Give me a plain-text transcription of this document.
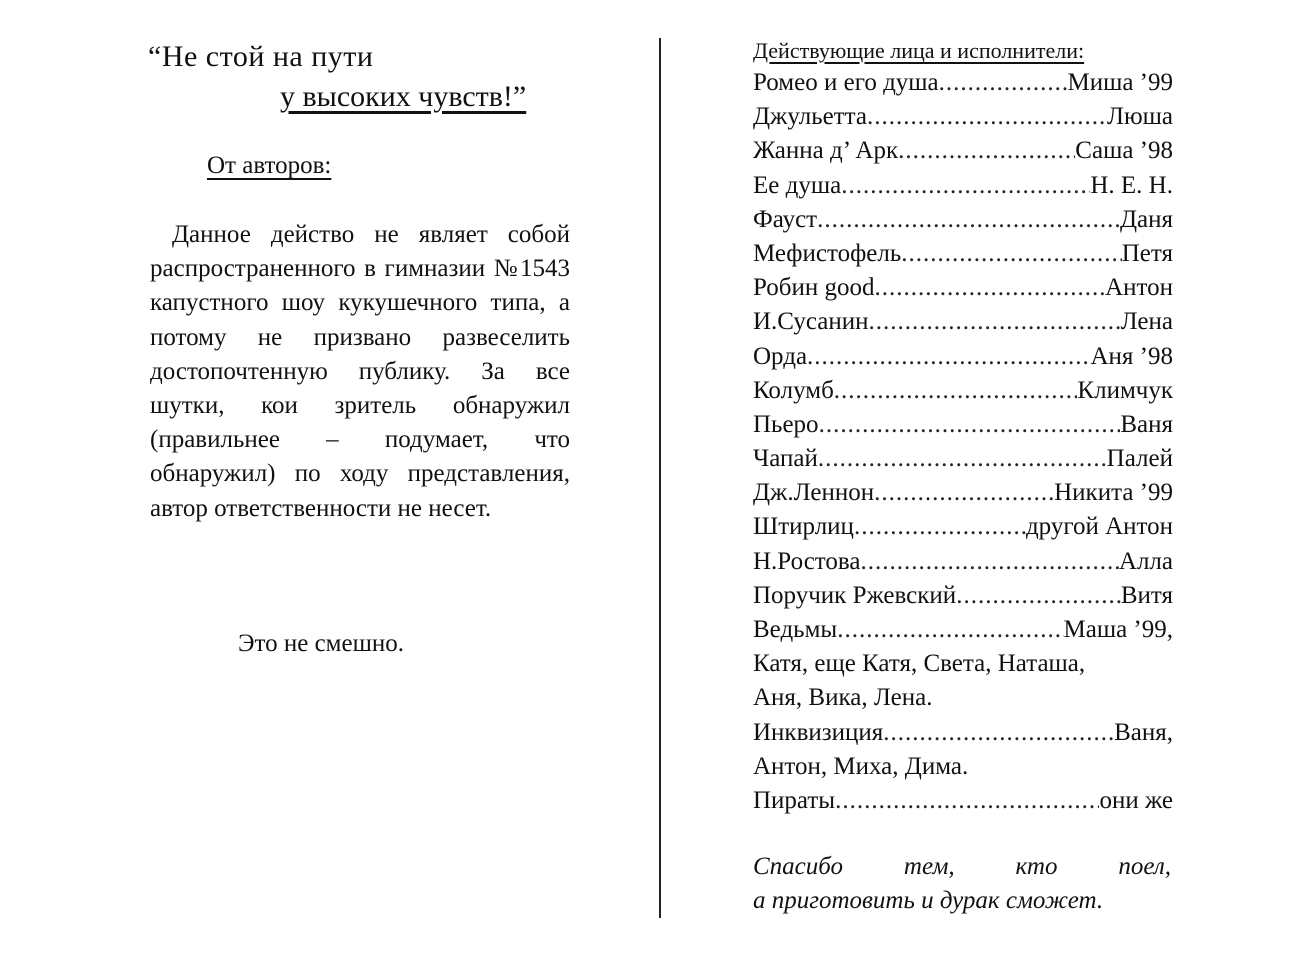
“Не стой на пути
у высоких чувств!”
От авторов:

Данное действо не являет собой распространенного в гимназии №1543 капустного шоу кукушечного типа, а потому не призвано развеселить достопочтенную публику. За все шутки, кои зритель обнаружил (правильнее – подумает, что обнаружил) по ходу представления, автор ответственности не несет.

Это не смешно.
Действующие лица и исполнители:
Ромео и его душа .....	Миша ’99
Джульетта .....	Люша
Жанна д’ Арк .....	Саша ’98
Ее душа .....	Н. Е. Н.
Фауст .....	Даня
Мефистофель .....	Петя
Робин good .....	Антон
И.Сусанин .....	Лена
Орда .....	Аня ’98
Колумб .....	Климчук
Пьеро .....	Ваня
Чапай .....	Палей
Дж.Леннон .....	Никита ’99
Штирлиц .....	другой Антон
Н.Ростова .....	Алла
Поручик Ржевский .....	Витя
Ведьмы .....	Маша ’99,
Катя, еще Катя, Света, Наташа,
Аня, Вика, Лена.
Инквизиция .....	Ваня,
Антон, Миха, Дима.
Пираты .....	они же
Спасибо тем, кто поел,
а приготовить и дурак сможет.
